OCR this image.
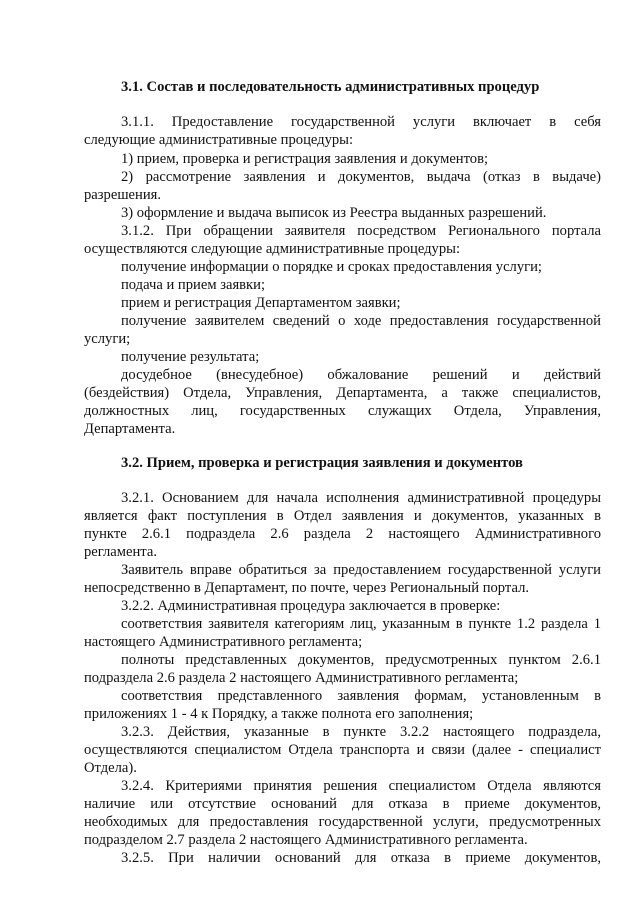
3.1. Состав и последовательность административных процедур
3.1.1. Предоставление государственной услуги включает в себя
следующие административные процедуры:
1) прием, проверка и регистрация заявления и документов;
2) рассмотрение заявления и документов, выдача (отказ в выдаче)
разрешения.
3) оформление и выдача выписок из Реестра выданных разрешений.
3.1.2. При обращении заявителя посредством Регионального портала
осуществляются следующие административные процедуры:
получение информации о порядке и сроках предоставления услуги;
подача и прием заявки;
прием и регистрация Департаментом заявки;
получение заявителем сведений о ходе предоставления государственной
услуги;
получение результата;
досудебное (внесудебное) обжалование решений и действий
(бездействия) Отдела, Управления, Департамента, а также специалистов,
должностных лиц, государственных служащих Отдела, Управления,
Департамента.
3.2. Прием, проверка и регистрация заявления и документов
3.2.1. Основанием для начала исполнения административной процедуры
является факт поступления в Отдел заявления и документов, указанных в
пункте 2.6.1 подраздела 2.6 раздела 2 настоящего Административного
регламента.
Заявитель вправе обратиться за предоставлением государственной услуги
непосредственно в Департамент, по почте, через Региональный портал.
3.2.2. Административная процедура заключается в проверке:
соответствия заявителя категориям лиц, указанным в пункте 1.2 раздела 1
настоящего Административного регламента;
полноты представленных документов, предусмотренных пунктом 2.6.1
подраздела 2.6 раздела 2 настоящего Административного регламента;
соответствия представленного заявления формам, установленным в
приложениях 1 - 4 к Порядку, а также полнота его заполнения;
3.2.3. Действия, указанные в пункте 3.2.2 настоящего подраздела,
осуществляются специалистом Отдела транспорта и связи (далее - специалист
Отдела).
3.2.4. Критериями принятия решения специалистом Отдела являются
наличие или отсутствие оснований для отказа в приеме документов,
необходимых для предоставления государственной услуги, предусмотренных
подразделом 2.7 раздела 2 настоящего Административного регламента.
3.2.5. При наличии оснований для отказа в приеме документов,
